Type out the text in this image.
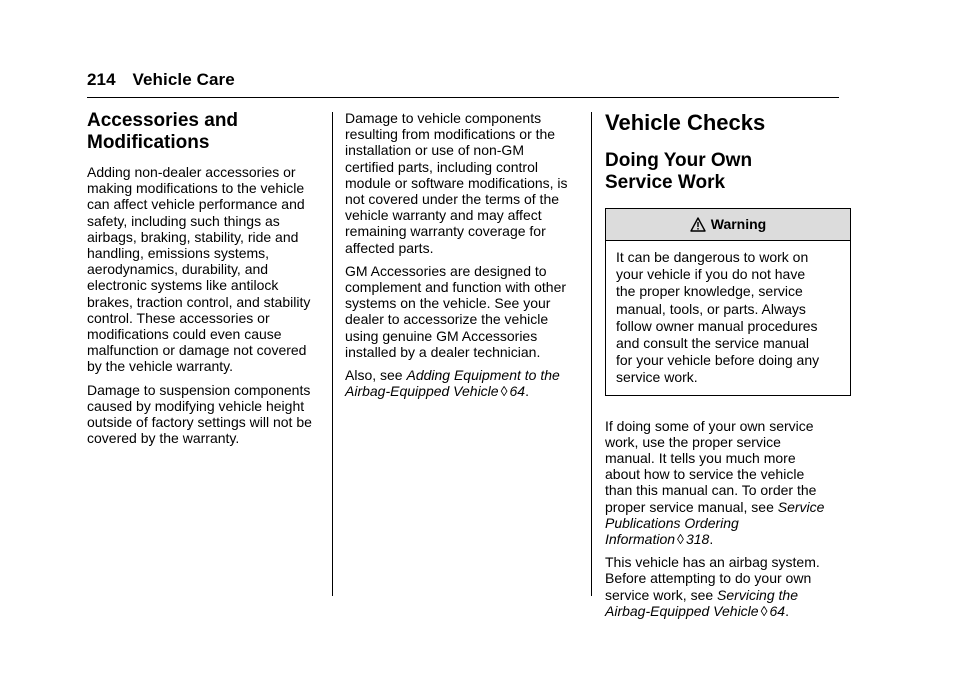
214 Vehicle Care
Accessories and
Modifications

Adding non-dealer accessories or
making modifications to the vehicle
can affect vehicle performance and
safety, including such things as
airbags, braking, stability, ride and
handling, emissions systems,
aerodynamics, durability, and
electronic systems like antilock
brakes, traction control, and stability
control. These accessories or
modifications could even cause
malfunction or damage not covered
by the vehicle warranty.

Damage to suspension components
caused by modifying vehicle height
outside of factory settings will not be
covered by the warranty.

Damage to vehicle components
resulting from modifications or the
installation or use of non-GM
certified parts, including control
module or software modifications, is
not covered under the terms of the
vehicle warranty and may affect
remaining warranty coverage for
affected parts.

GM Accessories are designed to
complement and function with other
systems on the vehicle. See your
dealer to accessorize the vehicle
using genuine GM Accessories
installed by a dealer technician.

Also, see Adding Equipment to the
Airbag-Equipped Vehicle ◊ 64.

Vehicle Checks
Doing Your Own
Service Work
Warning
It can be dangerous to work on
your vehicle if you do not have
the proper knowledge, service
manual, tools, or parts. Always
follow owner manual procedures
and consult the service manual
for your vehicle before doing any
service work.

If doing some of your own service
work, use the proper service
manual. It tells you much more
about how to service the vehicle
than this manual can. To order the
proper service manual, see Service
Publications Ordering
Information ◊ 318.

This vehicle has an airbag system.
Before attempting to do your own
service work, see Servicing the
Airbag-Equipped Vehicle ◊ 64.
